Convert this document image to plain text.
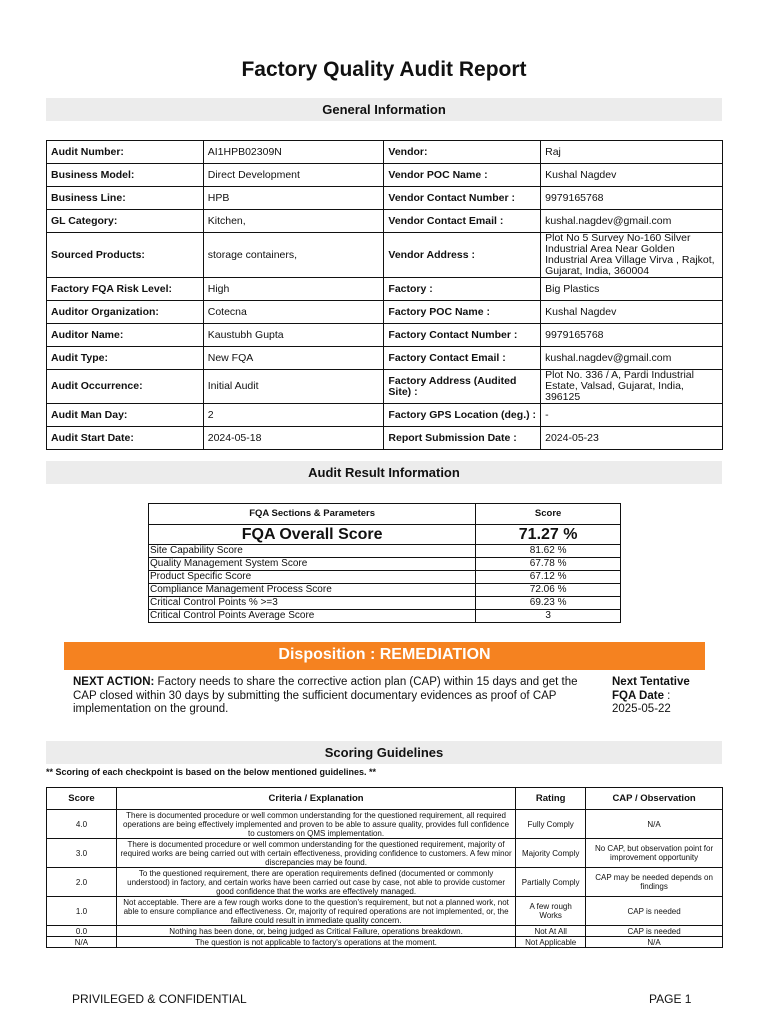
Factory Quality Audit Report
General Information
Audit Number:	AI1HPB02309N	Vendor:	Raj
Business Model:	Direct Development	Vendor POC Name :	Kushal Nagdev
Business Line:	HPB	Vendor Contact Number :	9979165768
GL Category:	Kitchen,	Vendor Contact Email :	kushal.nagdev@gmail.com
Sourced Products:	storage containers,	Vendor Address :	Plot No 5 Survey No-160 Silver Industrial Area Near Golden Industrial Area Village Virva , Rajkot, Gujarat, India, 360004
Factory FQA Risk Level:	High	Factory :	Big Plastics
Auditor Organization:	Cotecna	Factory POC Name :	Kushal Nagdev
Auditor Name:	Kaustubh Gupta	Factory Contact Number :	9979165768
Audit Type:	New FQA	Factory Contact Email :	kushal.nagdev@gmail.com
Audit Occurrence:	Initial Audit	Factory Address (Audited Site) :	Plot No. 336 / A, Pardi Industrial Estate, Valsad, Gujarat, India, 396125
Audit Man Day:	2	Factory GPS Location (deg.) :	-
Audit Start Date:	2024-05-18	Report Submission Date :	2024-05-23
Audit Result Information
FQA Sections & Parameters	Score
FQA Overall Score	71.27 %
Site Capability Score	81.62 %
Quality Management System Score	67.78 %
Product Specific Score	67.12 %
Compliance Management Process Score	72.06 %
Critical Control Points % >=3	69.23 %
Critical Control Points Average Score	3
Disposition : REMEDIATION
NEXT ACTION: Factory needs to share the corrective action plan (CAP) within 15 days and get the CAP closed within 30 days by submitting the sufficient documentary evidences as proof of CAP implementation on the ground.
Next Tentative
FQA Date :
2025-05-22
Scoring Guidelines
** Scoring of each checkpoint is based on the below mentioned guidelines. **
Score	Criteria / Explanation	Rating	CAP / Observation
4.0	There is documented procedure or well common understanding for the questioned requirement, all required operations are being effectively implemented and proven to be able to assure quality, provides full confidence to customers on QMS implementation.	Fully Comply	N/A
3.0	There is documented procedure or well common understanding for the questioned requirement, majority of required works are being carried out with certain effectiveness, providing confidence to customers. A few minor discrepancies may be found.	Majority Comply	No CAP, but observation point for improvement opportunity
2.0	To the questioned requirement, there are operation requirements defined (documented or commonly understood) in factory, and certain works have been carried out case by case, not able to provide customer good confidence that the works are effectively managed.	Partially Comply	CAP may be needed depends on findings
1.0	Not acceptable. There are a few rough works done to the question's requirement, but not a planned work, not able to ensure compliance and effectiveness. Or, majority of required operations are not implemented, or, the failure could result in immediate quality concern.	A few rough Works	CAP is needed
0.0	Nothing has been done, or, being judged as Critical Failure, operations breakdown.	Not At All	CAP is needed
N/A	The question is not applicable to factory's operations at the moment.	Not Applicable	N/A
PRIVILEGED & CONFIDENTIAL	PAGE 1
